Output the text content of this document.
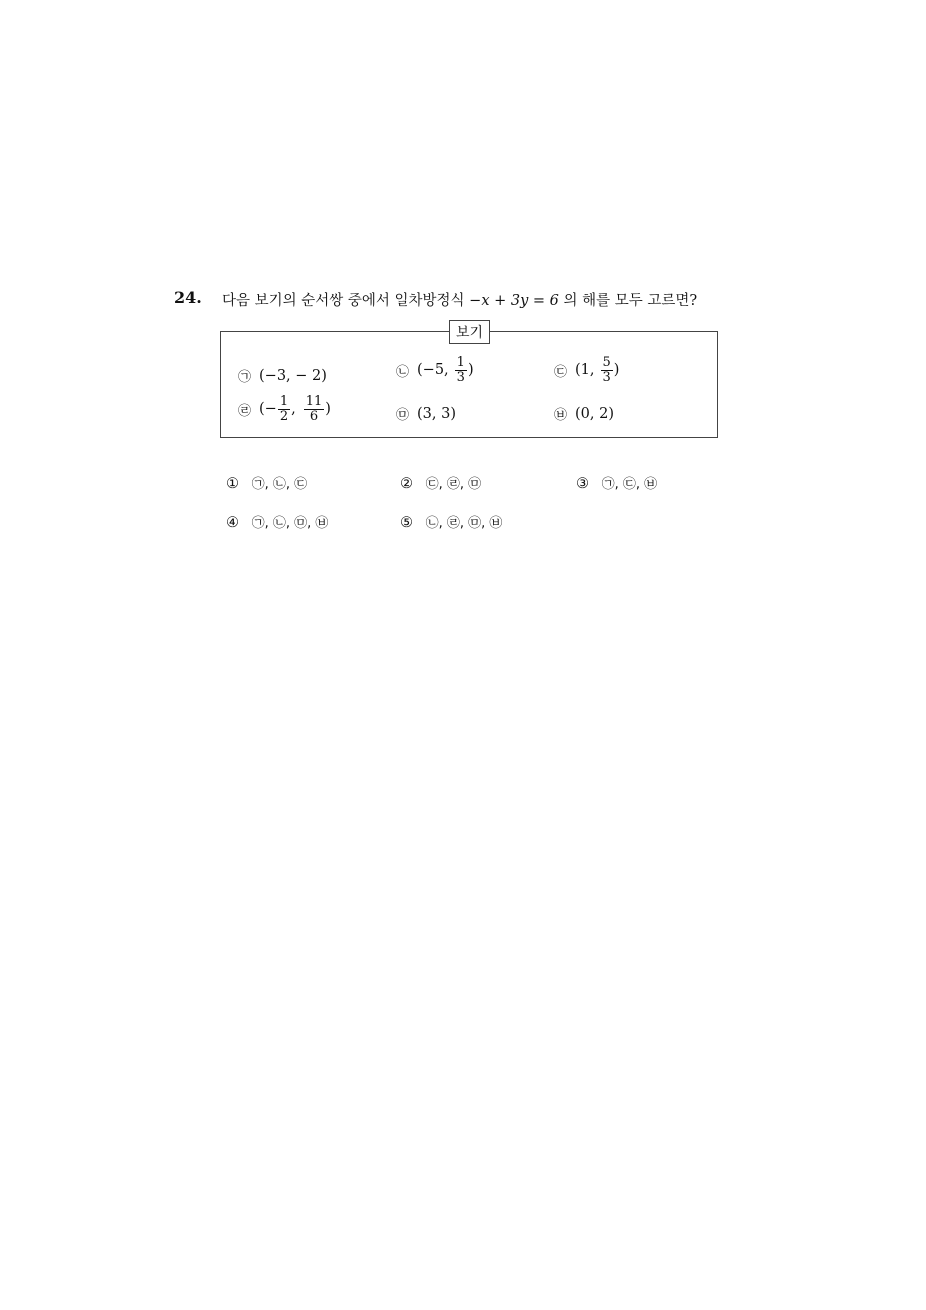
24. 다음 보기의 순서쌍 중에서 일차방정식 −x + 3y = 6 의 해를 모두 고르면?
보기
㉠ (−3, − 2)	㉡ (−5, $\frac{1}{3}$ )	㉢ (1, $\frac{5}{3}$ )
㉣ (− $\frac{1}{2}$ , $\frac{11}{6}$ )	㉤ (3, 3)	㉥ (0, 2)
① ㉠, ㉡, ㉢	② ㉢, ㉣, ㉤	③ ㉠, ㉢, ㉥
④ ㉠, ㉡, ㉤, ㉥	⑤ ㉡, ㉣, ㉤, ㉥
